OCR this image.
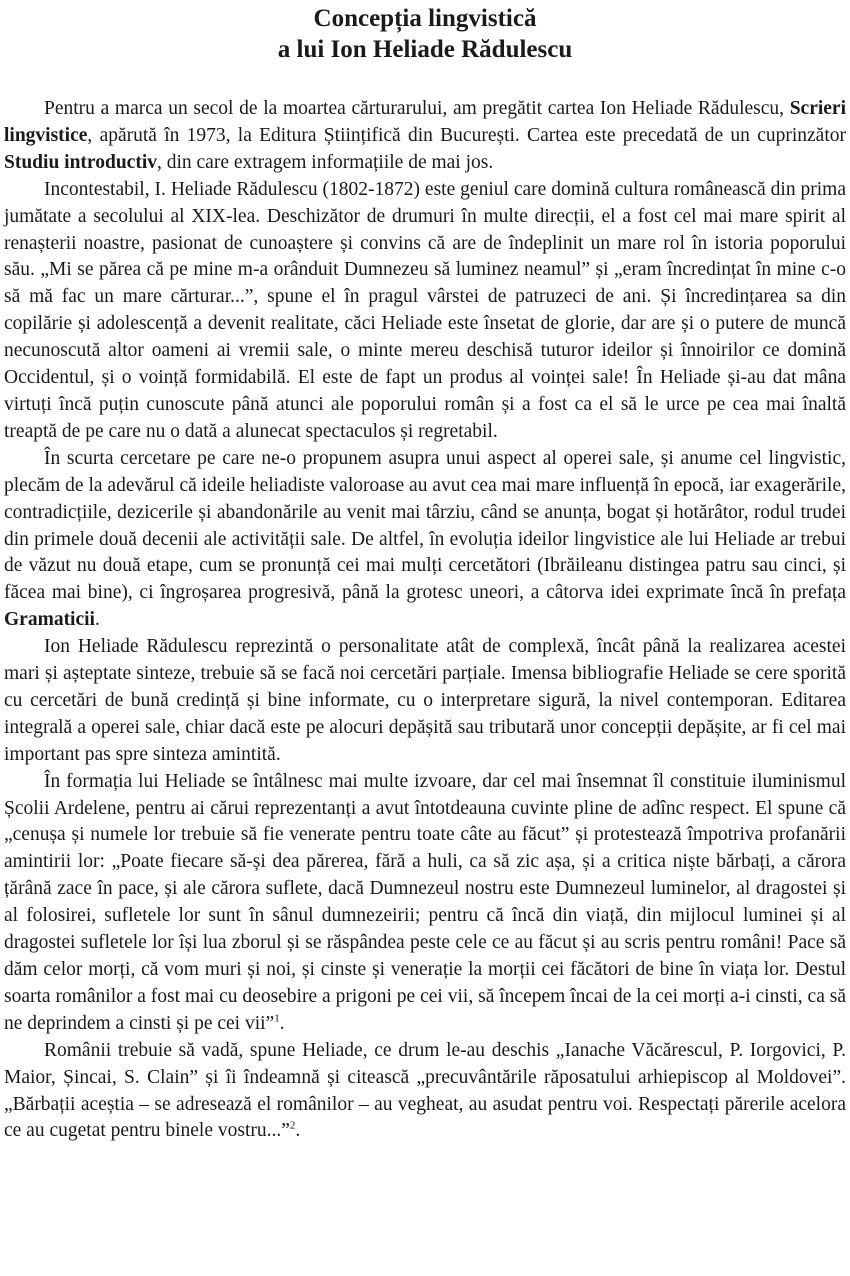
Concepția lingvistică
a lui Ion Heliade Rădulescu

Pentru a marca un secol de la moartea cărturarului, am pregătit cartea Ion Heliade Rădulescu, Scrieri lingvistice, apărută în 1973, la Editura Științifică din București. Cartea este precedată de un cuprinzător Studiu introductiv, din care extragem informațiile de mai jos.

Incontestabil, I. Heliade Rădulescu (1802-1872) este geniul care domină cultura românească din prima jumătate a secolului al XIX-lea. Deschizător de drumuri în multe direcții, el a fost cel mai mare spirit al renașterii noastre, pasionat de cunoaștere și convins că are de îndeplinit un mare rol în istoria poporului său. „Mi se părea că pe mine m-a orânduit Dumnezeu să luminez neamul” și „eram încredințat în mine c-o să mă fac un mare cărturar...”, spune el în pragul vârstei de patruzeci de ani. Și încredințarea sa din copilărie și adolescență a devenit realitate, căci Heliade este însetat de glorie, dar are și o putere de muncă necunoscută altor oameni ai vremii sale, o minte mereu deschisă tuturor ideilor și înnoirilor ce domină Occidentul, și o voință formidabilă. El este de fapt un produs al voinței sale! În Heliade și-au dat mâna virtuți încă puțin cunoscute până atunci ale poporului român și a fost ca el să le urce pe cea mai înaltă treaptă de pe care nu o dată a alunecat spectaculos și regretabil.

În scurta cercetare pe care ne-o propunem asupra unui aspect al operei sale, și anume cel lingvistic, plecăm de la adevărul că ideile heliadiste valoroase au avut cea mai mare influență în epocă, iar exagerările, contradicțiile, dezicerile și abandonările au venit mai târziu, când se anunța, bogat și hotărâtor, rodul trudei din primele două decenii ale activității sale. De altfel, în evoluția ideilor lingvistice ale lui Heliade ar trebui de văzut nu două etape, cum se pronunță cei mai mulți cercetători (Ibrăileanu distingea patru sau cinci, și făcea mai bine), ci îngroșarea progresivă, până la grotesc uneori, a câtorva idei exprimate încă în prefața Gramaticii.

Ion Heliade Rădulescu reprezintă o personalitate atât de complexă, încât până la realizarea acestei mari și așteptate sinteze, trebuie să se facă noi cercetări parțiale. Imensa bibliografie Heliade se cere sporită cu cercetări de bună credință și bine informate, cu o interpretare sigură, la nivel contemporan. Editarea integrală a operei sale, chiar dacă este pe alocuri depășită sau tributară unor concepții depășite, ar fi cel mai important pas spre sinteza amintită.

În formația lui Heliade se întâlnesc mai multe izvoare, dar cel mai însemnat îl constituie iluminismul Școlii Ardelene, pentru ai cărui reprezentanți a avut întotdeauna cuvinte pline de adînc respect. El spune că „cenușa și numele lor trebuie să fie venerate pentru toate câte au făcut” și protestează împotriva profanării amintirii lor: „Poate fiecare să-și dea părerea, fără a huli, ca să zic așa, și a critica niște bărbați, a cărora țărână zace în pace, și ale cărora suflete, dacă Dumnezeul nostru este Dumnezeul luminelor, al dragostei și al folosirei, sufletele lor sunt în sânul dumnezeirii; pentru că încă din viață, din mijlocul luminei și al dragostei sufletele lor își lua zborul și se răspândea peste cele ce au făcut și au scris pentru români! Pace să dăm celor morți, că vom muri și noi, și cinste și venerație la morții cei făcători de bine în viața lor. Destul soarta românilor a fost mai cu deosebire a prigoni pe cei vii, să începem încai de la cei morți a-i cinsti, ca să ne deprindem a cinsti și pe cei vii”$^1$.

Românii trebuie să vadă, spune Heliade, ce drum le-au deschis „Ianache Văcărescul, P. Iorgovici, P. Maior, Șincai, S. Clain” și îi îndeamnă și citească „precuvântările răposatului arhiepiscop al Moldovei”. „Bărbații aceștia – se adresează el românilor – au vegheat, au asudat pentru voi. Respectați părerile acelora ce au cugetat pentru binele vostru...”$^2$.
